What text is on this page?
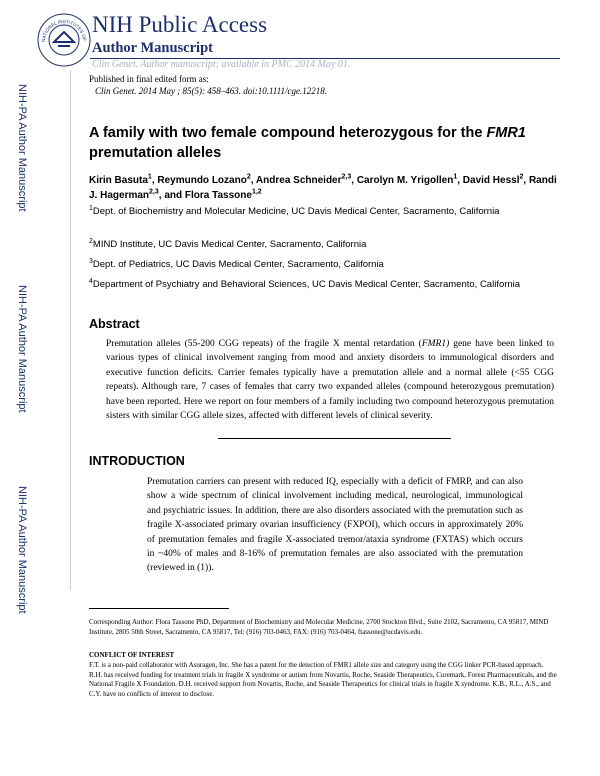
NATIONAL INSTITUTES OF
NIH Public Access
Author Manuscript
Clin Genet. Author manuscript; available in PMC 2014 May 01.
NIH-PA Author Manuscript
NIH-PA Author Manuscript
NIH-PA Author Manuscript
Published in final edited form as:
Clin Genet. 2014 May ; 85(5): 458–463. doi:10.1111/cge.12218.
A family with two female compound heterozygous for the FMR1 premutation alleles
Kirin Basuta$^1$, Reymundo Lozano$^2$, Andrea Schneider$^{2,3}$, Carolyn M. Yrigollen$^1$, David Hessl$^2$, Randi J. Hagerman$^{2,3}$, and Flora Tassone$^{1,2}$
$^1$Dept. of Biochemistry and Molecular Medicine, UC Davis Medical Center, Sacramento, California
$^2$MIND Institute, UC Davis Medical Center, Sacramento, California
$^3$Dept. of Pediatrics, UC Davis Medical Center, Sacramento, California
$^4$Department of Psychiatry and Behavioral Sciences, UC Davis Medical Center, Sacramento, California
Abstract
Premutation alleles (55-200 CGG repeats) of the fragile X mental retardation (FMR1) gene have been linked to various types of clinical involvement ranging from mood and anxiety disorders to immunological disorders and executive function deficits. Carrier females typically have a premutation allele and a normal allele (<55 CGG repeats). Although rare, 7 cases of females that carry two expanded alleles (compound heterozygous premutation) have been reported. Here we report on four members of a family including two compound heterozygous premutation sisters with similar CGG allele sizes, affected with different levels of clinical severity.
INTRODUCTION
Premutation carriers can present with reduced IQ, especially with a deficit of FMRP, and can also show a wide spectrum of clinical involvement including medical, neurological, immunological and psychiatric issues. In addition, there are also disorders associated with the premutation such as fragile X-associated primary ovarian insufficiency (FXPOI), which occurs in approximately 20% of premutation females and fragile X-associated tremor/ataxia syndrome (FXTAS) which occurs in ~40% of males and 8-16% of premutation females are also associated with the premutation (reviewed in (1)).
Corresponding Author: Flora Tassone PhD, Department of Biochemistry and Molecular Medicine, 2700 Stockton Blvd., Suite 2102, Sacramento, CA 95817, MIND Institute, 2805 50th Street, Sacramento, CA 95817, Tel: (916) 703-0463, FAX: (916) 703-0464, ftassone@ucdavis.edu.
CONFLICT OF INTEREST
F.T. is a non-paid collaborator with Asuragen, Inc. She has a patent for the detection of FMR1 allele size and category using the CGG linker PCR-based approach. R.H. has received funding for treatment trials in fragile X syndrome or autism from Novartis, Roche, Seaside Therapeutics, Curemark, Forest Pharmaceuticals, and the National Fragile X Foundation. D.H. received support from Novartis, Roche, and Seaside Therapeutics for clinical trials in fragile X syndrome. K.B., R.L., A.S., and C.Y. have no conflicts of interest to disclose.
